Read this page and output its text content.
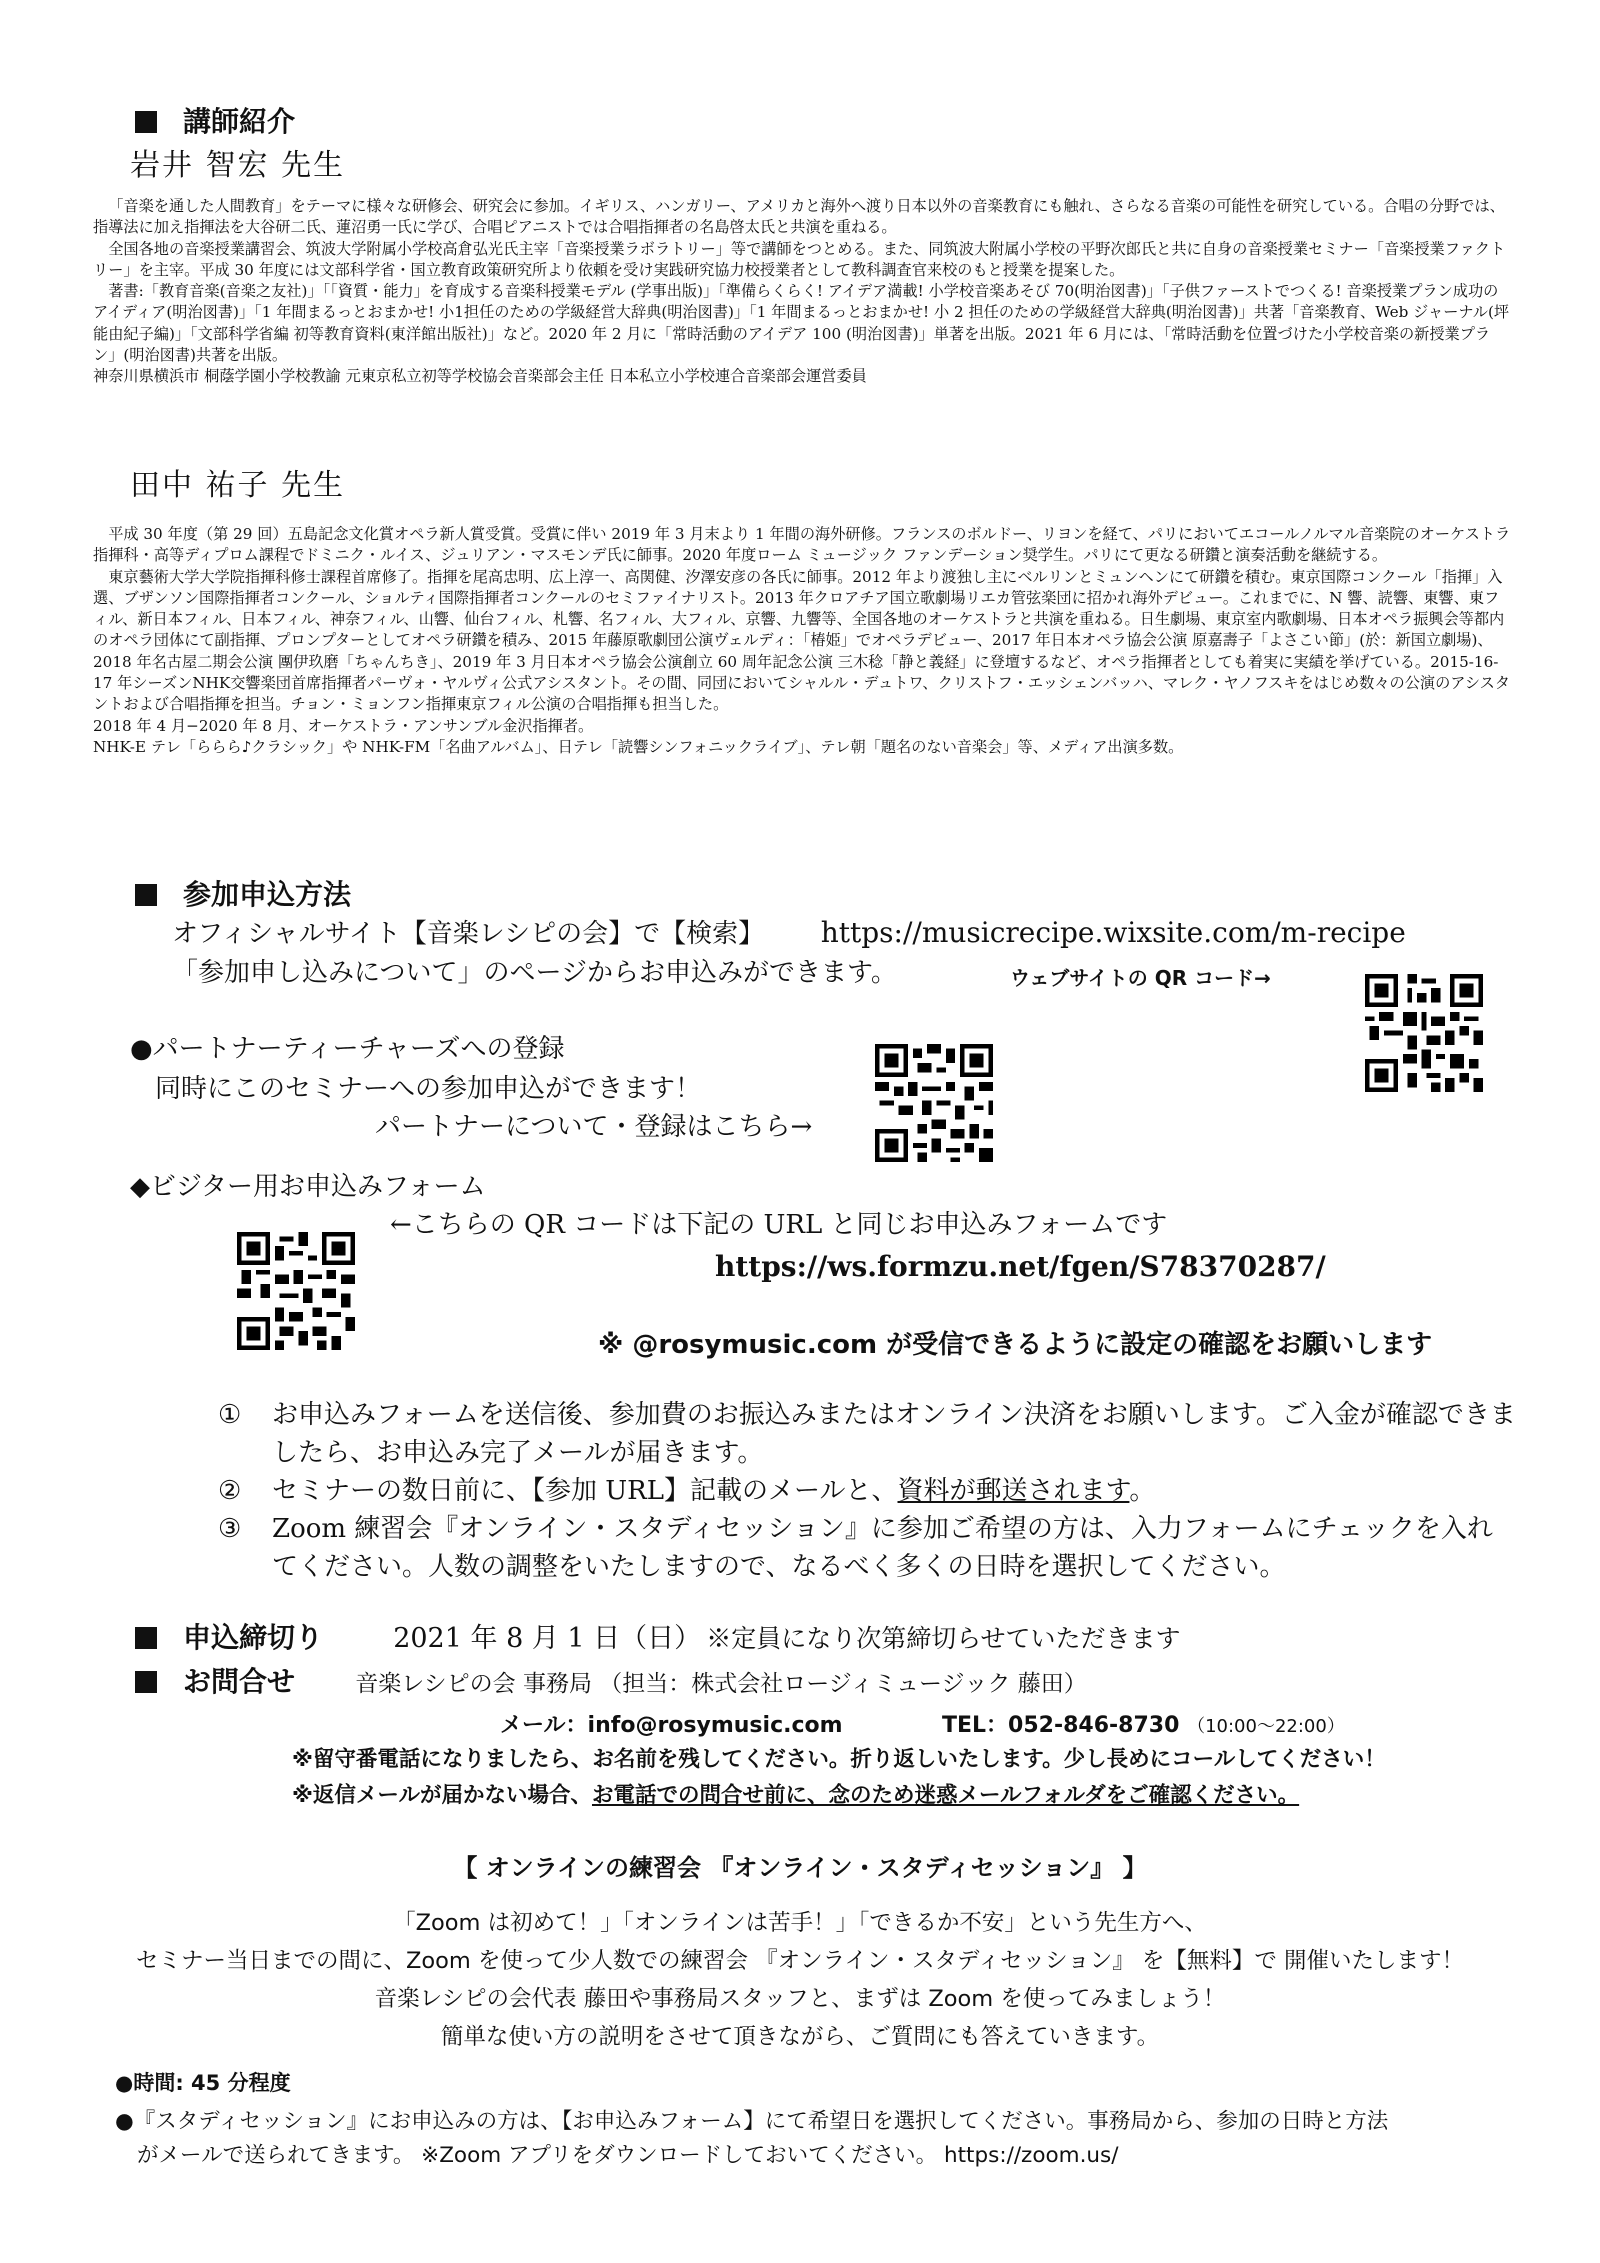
講師紹介
岩井 智宏 先生

「音楽を通した人間教育」をテーマに様々な研修会、研究会に参加。イギリス、ハンガリー、アメリカと海外へ渡り日本以外の音楽教育にも触れ、さらなる音楽の可能性を研究している。合唱の分野では、指導法に加え指揮法を大谷研二氏、蓮沼勇一氏に学び、合唱ピアニストでは合唱指揮者の名島啓太氏と共演を重ねる。

全国各地の音楽授業講習会、筑波大学附属小学校高倉弘光氏主宰「音楽授業ラボラトリー」等で講師をつとめる。また、同筑波大附属小学校の平野次郎氏と共に自身の音楽授業セミナー「音楽授業ファクトリー」を主宰。平成 30 年度には文部科学省・国立教育政策研究所より依頼を受け実践研究協力校授業者として教科調査官来校のもと授業を提案した。

著書:「教育音楽(音楽之友社)」「「資質・能力」を育成する音楽科授業モデル (学事出版)」「準備らくらく! アイデア満載! 小学校音楽あそび 70(明治図書)」「子供ファーストでつくる! 音楽授業プラン成功のアイディア(明治図書)」「1 年間まるっとおまかせ! 小1担任のための学級経営大辞典(明治図書)」「1 年間まるっとおまかせ! 小 2 担任のための学級経営大辞典(明治図書)」共著「音楽教育、Web ジャーナル(坪能由紀子編)」「文部科学省編 初等教育資料(東洋館出版社)」など。2020 年 2 月に「常時活動のアイデア 100 (明治図書)」単著を出版。2021 年 6 月には、「常時活動を位置づけた小学校音楽の新授業プラン」(明治図書)共著を出版。

神奈川県横浜市 桐蔭学園小学校教諭 元東京私立初等学校協会音楽部会主任 日本私立小学校連合音楽部会運営委員

田中 祐子 先生

平成 30 年度（第 29 回）五島記念文化賞オペラ新人賞受賞。受賞に伴い 2019 年 3 月末より 1 年間の海外研修。フランスのボルドー、リヨンを経て、パリにおいてエコールノルマル音楽院のオーケストラ指揮科・高等ディプロム課程でドミニク・ルイス、ジュリアン・マスモンデ氏に師事。2020 年度ローム ミュージック ファンデーション奨学生。パリにて更なる研鑽と演奏活動を継続する。

東京藝術大学大学院指揮科修士課程首席修了。指揮を尾高忠明、広上淳一、高関健、汐澤安彦の各氏に師事。2012 年より渡独し主にベルリンとミュンヘンにて研鑽を積む。東京国際コンクール「指揮」入選、ブザンソン国際指揮者コンクール、ショルティ国際指揮者コンクールのセミファイナリスト。2013 年クロアチア国立歌劇場リエカ管弦楽団に招かれ海外デビュー。これまでに、N 響、読響、東響、東フィル、新日本フィル、日本フィル、神奈フィル、山響、仙台フィル、札響、名フィル、大フィル、京響、九響等、全国各地のオーケストラと共演を重ねる。日生劇場、東京室内歌劇場、日本オペラ振興会等都内のオペラ団体にて副指揮、プロンプターとしてオペラ研鑽を積み、2015 年藤原歌劇団公演ヴェルディ：「椿姫」でオペラデビュー、2017 年日本オペラ協会公演 原嘉壽子「よさこい節」(於：新国立劇場)、2018 年名古屋二期会公演 團伊玖磨「ちゃんちき」、2019 年 3 月日本オペラ協会公演創立 60 周年記念公演 三木稔「静と義経」に登壇するなど、オペラ指揮者としても着実に実績を挙げている。2015-16-17 年シーズンNHK交響楽団首席指揮者パーヴォ・ヤルヴィ公式アシスタント。その間、同団においてシャルル・デュトワ、クリストフ・エッシェンバッハ、マレク・ヤノフスキをはじめ数々の公演のアシスタントおよび合唱指揮を担当。チョン・ミョンフン指揮東京フィル公演の合唱指揮も担当した。

2018 年 4 月−2020 年 8 月、オーケストラ・アンサンブル金沢指揮者。

NHK-E テレ「ららら♪クラシック」や NHK-FM「名曲アルバム」、日テレ「読響シンフォニックライブ」、テレ朝「題名のない音楽会」等、メディア出演多数。

参加申込方法
オフィシャルサイト【音楽レシピの会】で【検索】 https://musicrecipe.wixsite.com/m-recipe
「参加申し込みについて」のページからお申込みができます。	ウェブサイトの QR コード→
●パートナーティーチャーズへの登録
同時にこのセミナーへの参加申込ができます！
パートナーについて・登録はこちら→
◆ビジター用お申込みフォーム
←こちらの QR コードは下記の URL と同じお申込みフォームです
https://ws.formzu.net/fgen/S78370287/
※ @rosymusic.com が受信できるように設定の確認をお願いします
① お申込みフォームを送信後、参加費のお振込みまたはオンライン決済をお願いします。ご入金が確認できましたら、お申込み完了メールが届きます。
② セミナーの数日前に、【参加 URL】記載のメールと、資料が郵送されます。
③ Zoom 練習会『オンライン・スタディセッション』に参加ご希望の方は、入力フォームにチェックを入れてください。人数の調整をいたしますので、なるべく多くの日時を選択してください。
申込締切り	2021 年 8 月 1 日（日） ※定員になり次第締切らせていただきます
お問合せ	音楽レシピの会 事務局 （担当：株式会社ロージィミュージック 藤田）
メール：info@rosymusic.com	TEL：052-846-8730 （10:00～22:00）
※留守番電話になりましたら、お名前を残してください。折り返しいたします。少し長めにコールしてください！
※返信メールが届かない場合、お電話での問合せ前に、念のため迷惑メールフォルダをご確認ください。
【 オンラインの練習会 『オンライン・スタディセッション』 】
「Zoom は初めて！」「オンラインは苦手！」「できるか不安」という先生方へ、
セミナー当日までの間に、Zoom を使って少人数での練習会 『オンライン・スタディセッション』 を【無料】で 開催いたします！
音楽レシピの会代表 藤田や事務局スタッフと、まずは Zoom を使ってみましょう！
簡単な使い方の説明をさせて頂きながら、ご質問にも答えていきます。
●時間: 45 分程度
●『スタディセッション』にお申込みの方は、【お申込みフォーム】にて希望日を選択してください。事務局から、参加の日時と方法
がメールで送られてきます。 ※Zoom アプリをダウンロードしておいてください。 https://zoom.us/
